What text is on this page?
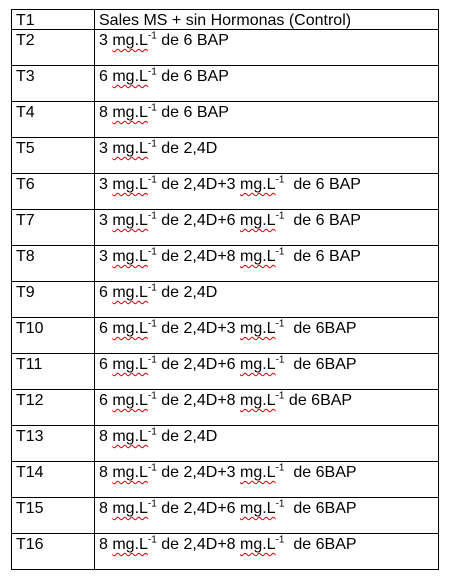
T1	Sales MS + sin Hormonas (Control)
T2	3 $mg.L^{-1}$ de 6 BAP
T3	6 $mg.L^{-1}$ de 6 BAP
T4	8 $mg.L^{-1}$ de 6 BAP
T5	3 $mg.L^{-1}$ de 2,4D
T6	3 $mg.L^{-1}$ de 2,4D+3 $mg.L^{-1}$  de 6 BAP
T7	3 $mg.L^{-1}$ de 2,4D+6 $mg.L^{-1}$  de 6 BAP
T8	3 $mg.L^{-1}$ de 2,4D+8 $mg.L^{-1}$  de 6 BAP
T9	6 $mg.L^{-1}$ de 2,4D
T10	6 $mg.L^{-1}$ de 2,4D+3 $mg.L^{-1}$  de 6BAP
T11	6 $mg.L^{-1}$ de 2,4D+6 $mg.L^{-1}$  de 6BAP
T12	6 $mg.L^{-1}$ de 2,4D+8 $mg.L^{-1}$ de 6BAP
T13	8 $mg.L^{-1}$ de 2,4D
T14	8 $mg.L^{-1}$ de 2,4D+3 $mg.L^{-1}$  de 6BAP
T15	8 $mg.L^{-1}$ de 2,4D+6 $mg.L^{-1}$  de 6BAP
T16	8 $mg.L^{-1}$ de 2,4D+8 $mg.L^{-1}$  de 6BAP
